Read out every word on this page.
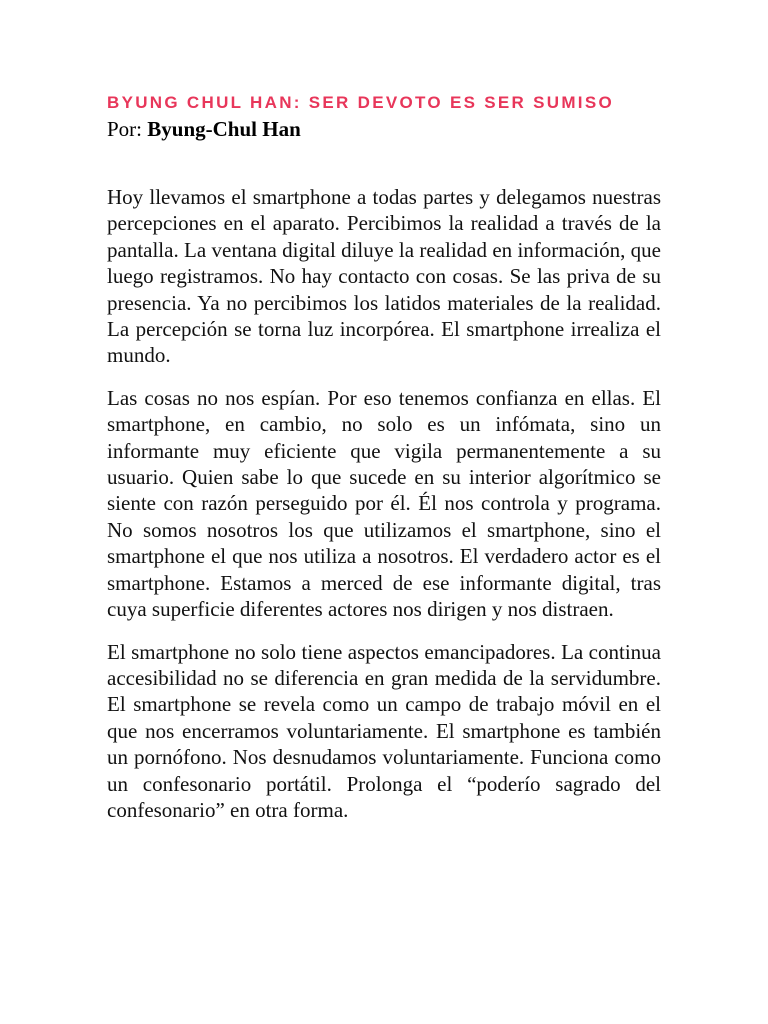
BYUNG CHUL HAN: SER DEVOTO ES SER SUMISO
Por: Byung-Chul Han

Hoy llevamos el smartphone a todas partes y delegamos nuestras percepciones en el aparato. Percibimos la realidad a través de la pantalla. La ventana digital diluye la realidad en información, que luego registramos. No hay contacto con cosas. Se las priva de su presencia. Ya no percibimos los latidos materiales de la realidad. La percepción se torna luz incorpórea. El smartphone irrealiza el mundo.

Las cosas no nos espían. Por eso tenemos confianza en ellas. El smartphone, en cambio, no solo es un infómata, sino un informante muy eficiente que vigila permanentemente a su usuario. Quien sabe lo que sucede en su interior algorítmico se siente con razón perseguido por él. Él nos controla y programa. No somos nosotros los que utilizamos el smartphone, sino el smartphone el que nos utiliza a nosotros. El verdadero actor es el smartphone. Estamos a merced de ese informante digital, tras cuya superficie diferentes actores nos dirigen y nos distraen.

El smartphone no solo tiene aspectos emancipadores. La continua accesibilidad no se diferencia en gran medida de la servidumbre. El smartphone se revela como un campo de trabajo móvil en el que nos encerramos voluntariamente. El smartphone es también un pornófono. Nos desnudamos voluntariamente. Funciona como un confesonario portátil. Prolonga el “poderío sagrado del confesonario” en otra forma.
